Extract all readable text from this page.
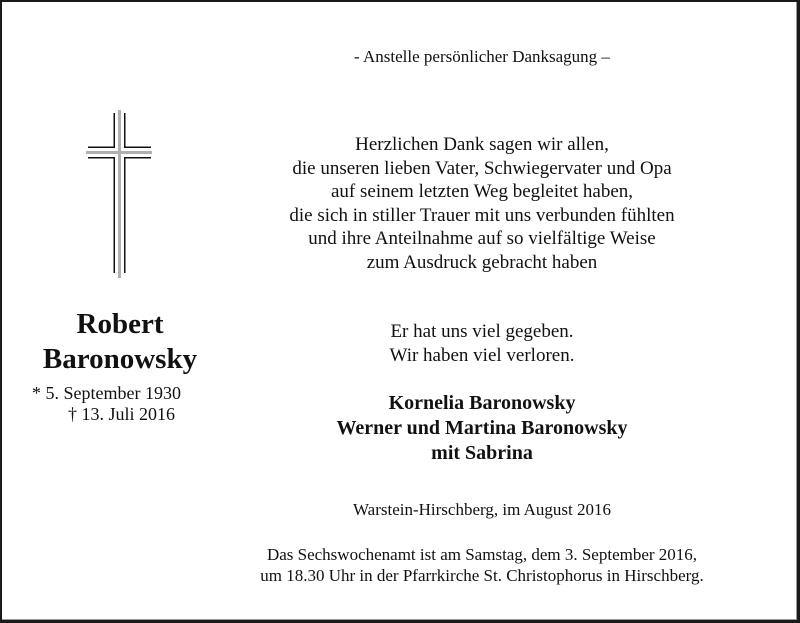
- Anstelle persönlicher Danksagung –
Robert
Baronowsky
* 5. September 1930
† 13. Juli 2016
Herzlichen Dank sagen wir allen,
die unseren lieben Vater, Schwiegervater und Opa
auf seinem letzten Weg begleitet haben,
die sich in stiller Trauer mit uns verbunden fühlten
und ihre Anteilnahme auf so vielfältige Weise
zum Ausdruck gebracht haben
Er hat uns viel gegeben.
Wir haben viel verloren.
Kornelia Baronowsky
Werner und Martina Baronowsky
mit Sabrina
Warstein-Hirschberg, im August 2016
Das Sechswochenamt ist am Samstag, dem 3. September 2016,
um 18.30 Uhr in der Pfarrkirche St. Christophorus in Hirschberg.
